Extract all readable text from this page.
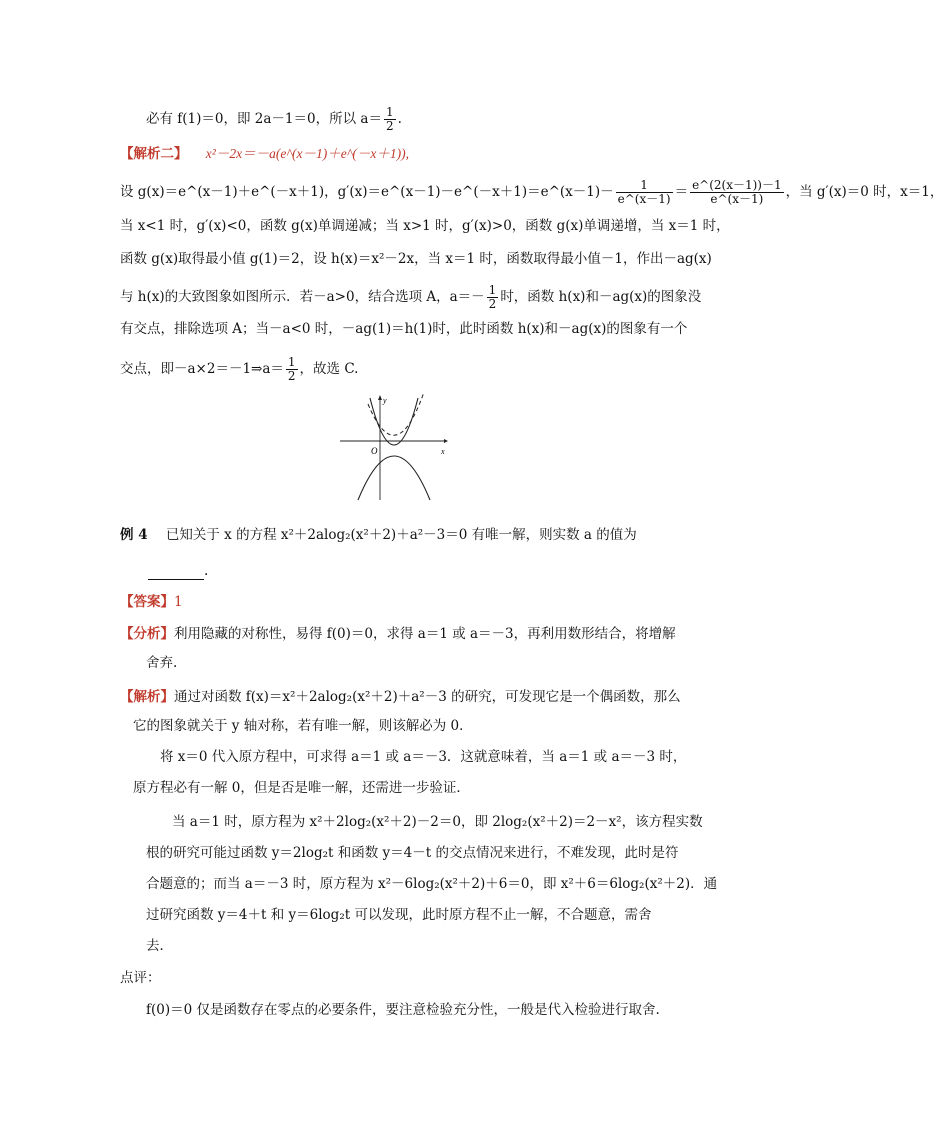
必有 f(1)＝0，即 2a－1＝0，所以 $a= \frac{1}{2}$ .
【解析二】 x²－2x＝－a(e^(x－1)＋e^(－x＋1)),
设 g(x)＝e^(x－1)＋e^(－x＋1)，g′(x)＝e^(x－1)－e^(－x＋1)＝e^(x－1)－ $\frac{1}{e\^{}(x-1)} = \frac{e\^{}(2(x-1))-1}{e\^{}(x-1)}$ ，当 g′(x)＝0 时，x＝1，
当 x<1 时，g′(x)<0，函数 g(x)单调递减；当 x>1 时，g′(x)>0，函数 g(x)单调递增，当 x＝1 时，
函数 g(x)取得最小值 g(1)＝2，设 h(x)＝x²－2x，当 x＝1 时，函数取得最小值－1，作出－ag(x)
与 h(x)的大致图象如图所示．若－a>0，结合选项 A，$a=- \frac{1}{2}$ 时，函数 h(x)和－ag(x)的图象没
有交点，排除选项 A；当－a<0 时，－ag(1)＝h(1)时，此时函数 h(x)和－ag(x)的图象有一个
交点，即－a×2＝－1⇒a＝ $\frac{1}{2}$ ，故选 C.
O	x
y
例 4 已知关于 x 的方程 x²＋2alog₂(x²＋2)＋a²－3＝0 有唯一解，则实数 a 的值为
.
【答案】1
【分析】利用隐藏的对称性，易得 f(0)＝0，求得 a＝1 或 a＝－3，再利用数形结合，将增解
舍弃.
【解析】通过对函数 f(x)＝x²＋2alog₂(x²＋2)＋a²－3 的研究，可发现它是一个偶函数，那么
它的图象就关于 y 轴对称，若有唯一解，则该解必为 0．
将 x＝0 代入原方程中，可求得 a＝1 或 a＝－3．这就意味着，当 a＝1 或 a＝－3 时，
原方程必有一解 0，但是否是唯一解，还需进一步验证．
当 a＝1 时，原方程为 x²＋2log₂(x²＋2)－2＝0，即 2log₂(x²＋2)＝2－x²，该方程实数
根的研究可能过函数 y＝2log₂t 和函数 y＝4－t 的交点情况来进行，不难发现，此时是符
合题意的；而当 a＝－3 时，原方程为 x²－6log₂(x²＋2)＋6＝0，即 x²＋6＝6log₂(x²＋2)．通
过研究函数 y＝4＋t 和 y＝6log₂t 可以发现，此时原方程不止一解，不合题意，需舍
去．
点评：
f(0)＝0 仅是函数存在零点的必要条件，要注意检验充分性，一般是代入检验进行取舍.
